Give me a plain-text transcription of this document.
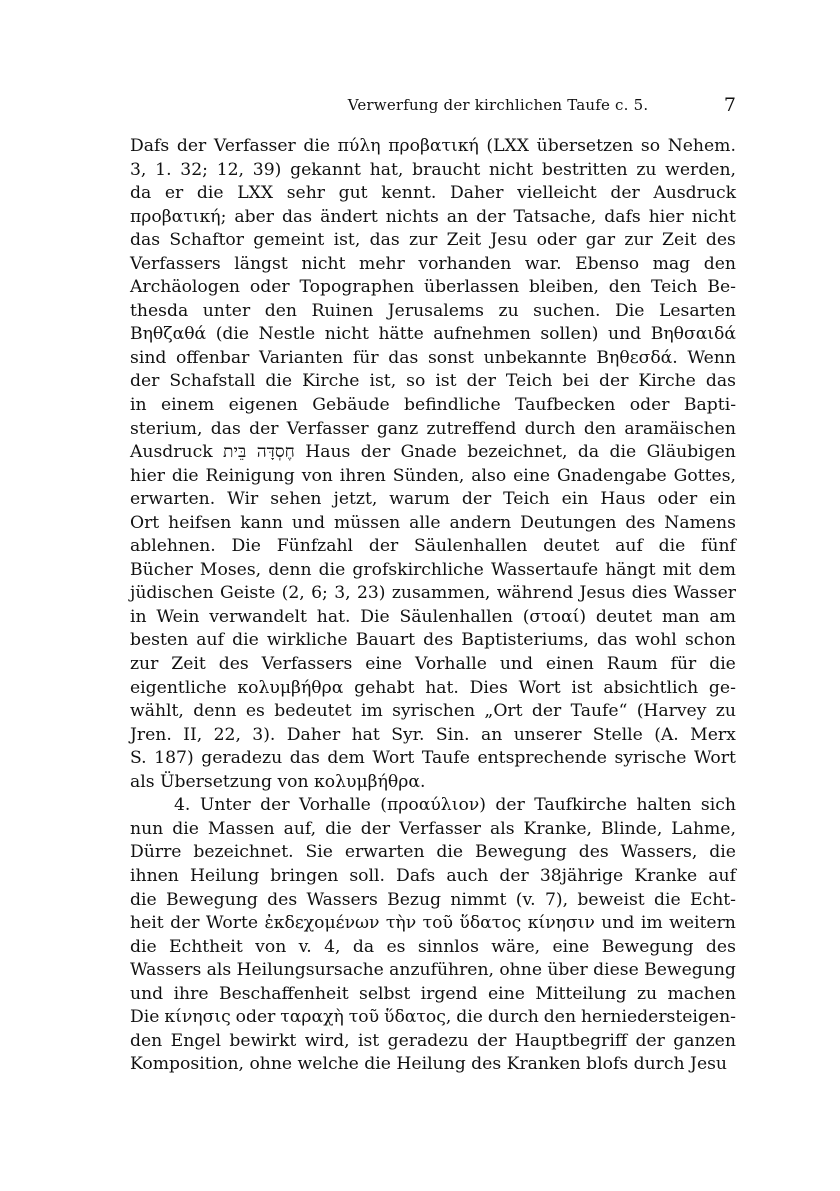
Verwerfung der kirchlichen Taufe c. 5.	7
Dafs der Verfasser die πύλη προβατική (LXX übersetzen so Nehem.
3, 1. 32; 12, 39) gekannt hat, braucht nicht bestritten zu werden,
da er die LXX sehr gut kennt. Daher vielleicht der Ausdruck
προβατική; aber das ändert nichts an der Tatsache, dafs hier nicht
das Schaftor gemeint ist, das zur Zeit Jesu oder gar zur Zeit des
Verfassers längst nicht mehr vorhanden war. Ebenso mag den
Archäologen oder Topographen überlassen bleiben, den Teich Be-
thesda unter den Ruinen Jerusalems zu suchen. Die Lesarten
Βηθζαθά (die Nestle nicht hätte aufnehmen sollen) und Βηθσαιδά
sind offenbar Varianten für das sonst unbekannte Βηθεσδά. Wenn
der Schafstall die Kirche ist, so ist der Teich bei der Kirche das
in einem eigenen Gebäude befindliche Taufbecken oder Bapti-
sterium, das der Verfasser ganz zutreffend durch den aramäischen
Ausdruck בֵּית חֶסְדָּה Haus der Gnade bezeichnet, da die Gläubigen
hier die Reinigung von ihren Sünden, also eine Gnadengabe Gottes,
erwarten. Wir sehen jetzt, warum der Teich ein Haus oder ein
Ort heifsen kann und müssen alle andern Deutungen des Namens
ablehnen. Die Fünfzahl der Säulenhallen deutet auf die fünf
Bücher Moses, denn die grofskirchliche Wassertaufe hängt mit dem
jüdischen Geiste (2, 6; 3, 23) zusammen, während Jesus dies Wasser
in Wein verwandelt hat. Die Säulenhallen (στοαί) deutet man am
besten auf die wirkliche Bauart des Baptisteriums, das wohl schon
zur Zeit des Verfassers eine Vorhalle und einen Raum für die
eigentliche κολυμβήθρα gehabt hat. Dies Wort ist absichtlich ge-
wählt, denn es bedeutet im syrischen „Ort der Taufe“ (Harvey zu
Jren. II, 22, 3). Daher hat Syr. Sin. an unserer Stelle (A. Merx
S. 187) geradezu das dem Wort Taufe entsprechende syrische Wort
als Übersetzung von κολυμβήθρα.
4. Unter der Vorhalle (προαύλιον) der Taufkirche halten sich
nun die Massen auf, die der Verfasser als Kranke, Blinde, Lahme,
Dürre bezeichnet. Sie erwarten die Bewegung des Wassers, die
ihnen Heilung bringen soll. Dafs auch der 38jährige Kranke auf
die Bewegung des Wassers Bezug nimmt (v. 7), beweist die Echt-
heit der Worte ἐκδεχομένων τὴν τοῦ ὕδατος κίνησιν und im weitern
die Echtheit von v. 4, da es sinnlos wäre, eine Bewegung des
Wassers als Heilungsursache anzuführen, ohne über diese Bewegung
und ihre Beschaffenheit selbst irgend eine Mitteilung zu machen
Die κίνησις oder ταραχὴ τοῦ ὕδατος, die durch den herniedersteigen-
den Engel bewirkt wird, ist geradezu der Hauptbegriff der ganzen
Komposition, ohne welche die Heilung des Kranken blofs durch Jesu
